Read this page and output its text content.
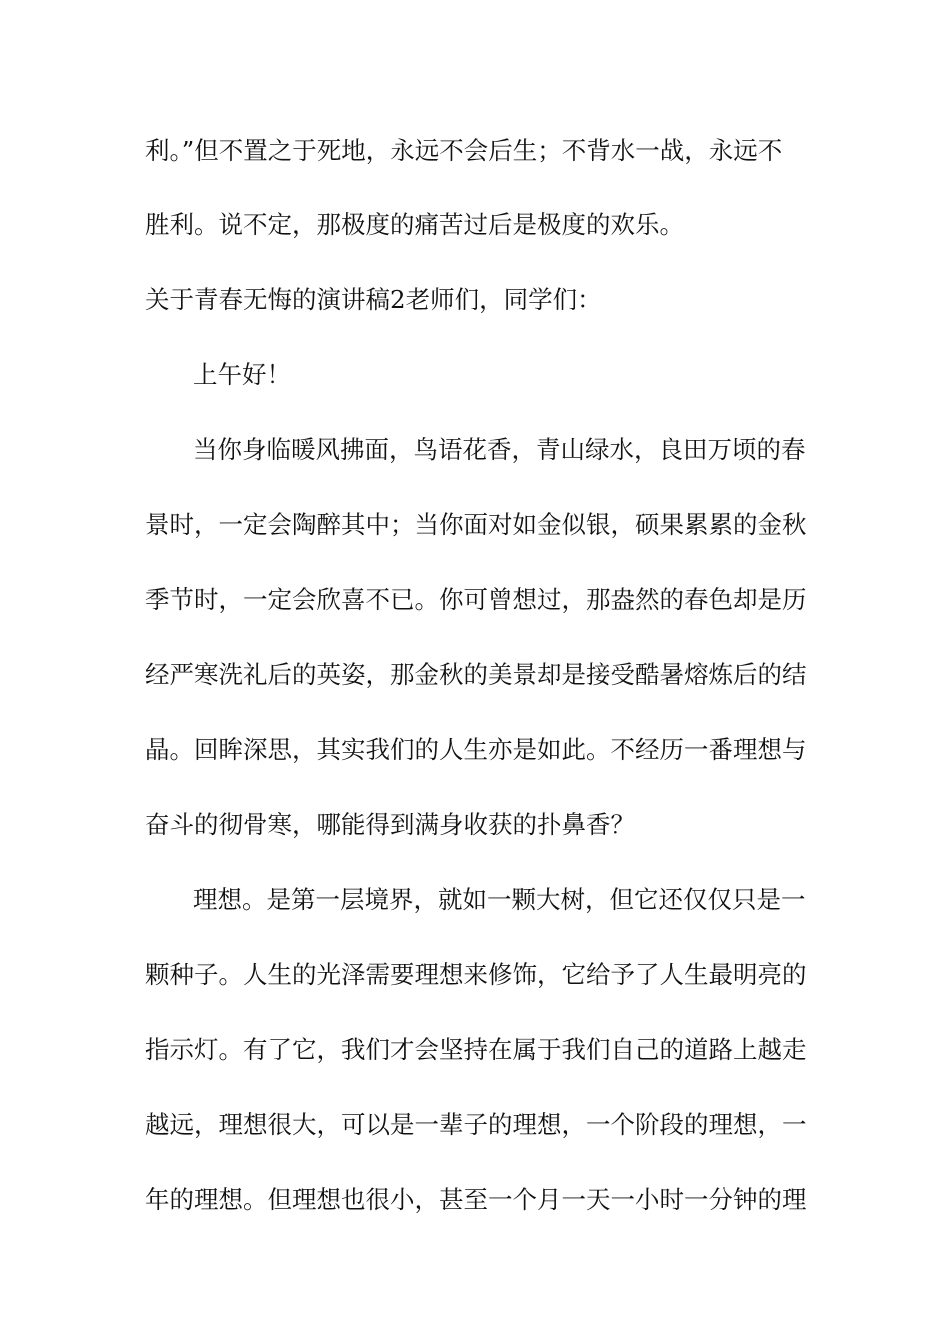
利。”但不置之于死地，永远不会后生；不背水一战，永远不
胜利。说不定，那极度的痛苦过后是极度的欢乐。
关于青春无悔的演讲稿2老师们，同学们：
上午好！
当你身临暖风拂面，鸟语花香，青山绿水，良田万顷的春
景时，一定会陶醉其中；当你面对如金似银，硕果累累的金秋
季节时，一定会欣喜不已。你可曾想过，那盎然的春色却是历
经严寒洗礼后的英姿，那金秋的美景却是接受酷暑熔炼后的结
晶。回眸深思，其实我们的人生亦是如此。不经历一番理想与
奋斗的彻骨寒，哪能得到满身收获的扑鼻香？
理想。是第一层境界，就如一颗大树，但它还仅仅只是一
颗种子。人生的光泽需要理想来修饰，它给予了人生最明亮的
指示灯。有了它，我们才会坚持在属于我们自己的道路上越走
越远，理想很大，可以是一辈子的理想，一个阶段的理想，一
年的理想。但理想也很小，甚至一个月一天一小时一分钟的理
